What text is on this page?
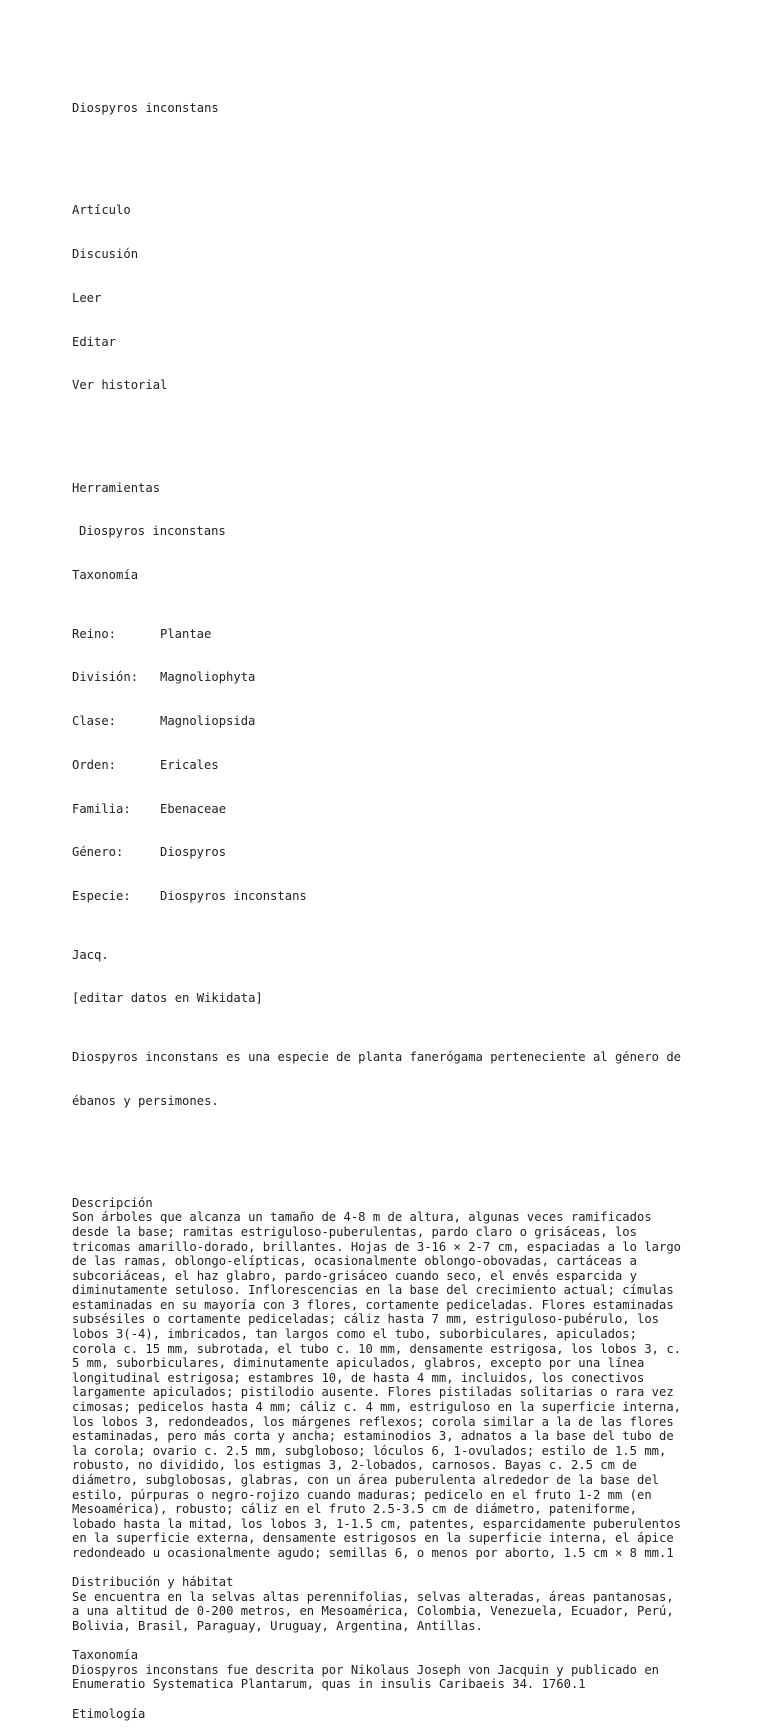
Diospyros inconstans

Artículo

Discusión

Leer

Editar

Ver historial

Herramientas

Diospyros inconstans

Taxonomía

Reino:	Plantae

División: Magnoliophyta

Clase:	Magnoliopsida

Orden:	Ericales

Familia: Ebenaceae

Género:	Diospyros

Especie: Diospyros inconstans

Jacq.

[editar datos en Wikidata]

Diospyros inconstans es una especie de planta fanerógama perteneciente al género de

ébanos y persimones.

Descripción
Son árboles que alcanza un tamaño de 4-8 m de altura, algunas veces ramificados
desde la base; ramitas estriguloso-puberulentas, pardo claro o grisáceas, los
tricomas amarillo-dorado, brillantes. Hojas de 3-16 × 2-7 cm, espaciadas a lo largo
de las ramas, oblongo-elípticas, ocasionalmente oblongo-obovadas, cartáceas a
subcoriáceas, el haz glabro, pardo-grisáceo cuando seco, el envés esparcida y
diminutamente setuloso. Inflorescencias en la base del crecimiento actual; címulas
estaminadas en su mayoría con 3 flores, cortamente pediceladas. Flores estaminadas
subsésiles o cortamente pediceladas; cáliz hasta 7 mm, estriguloso-pubérulo, los
lobos 3(-4), imbricados, tan largos como el tubo, suborbiculares, apiculados;
corola c. 15 mm, subrotada, el tubo c. 10 mm, densamente estrigosa, los lobos 3, c.
5 mm, suborbiculares, diminutamente apiculados, glabros, excepto por una línea
longitudinal estrigosa; estambres 10, de hasta 4 mm, incluidos, los conectivos
largamente apiculados; pistilodio ausente. Flores pistiladas solitarias o rara vez
cimosas; pedicelos hasta 4 mm; cáliz c. 4 mm, estriguloso en la superficie interna,
los lobos 3, redondeados, los márgenes reflexos; corola similar a la de las flores
estaminadas, pero más corta y ancha; estaminodios 3, adnatos a la base del tubo de
la corola; ovario c. 2.5 mm, subgloboso; lóculos 6, 1-ovulados; estilo de 1.5 mm,
robusto, no dividido, los estigmas 3, 2-lobados, carnosos. Bayas c. 2.5 cm de
diámetro, subglobosas, glabras, con un área puberulenta alrededor de la base del
estilo, púrpuras o negro-rojizo cuando maduras; pedicelo en el fruto 1-2 mm (en
Mesoamérica), robusto; cáliz en el fruto 2.5-3.5 cm de diámetro, pateniforme,
lobado hasta la mitad, los lobos 3, 1-1.5 cm, patentes, esparcidamente puberulentos
en la superficie externa, densamente estrigosos en la superficie interna, el ápice
redondeado u ocasionalmente agudo; semillas 6, o menos por aborto, 1.5 cm × 8 mm.1
Distribución y hábitat
Se encuentra en la selvas altas perennifolias, selvas alteradas, áreas pantanosas,
a una altitud de 0-200 metros, en Mesoamérica, Colombia, Venezuela, Ecuador, Perú,
Bolivia, Brasil, Paraguay, Uruguay, Argentina, Antillas.
Taxonomía
Diospyros inconstans fue descrita por Nikolaus Joseph von Jacquin y publicado en
Enumeratio Systematica Plantarum, quas in insulis Caribaeis 34. 1760.1
Etimología
